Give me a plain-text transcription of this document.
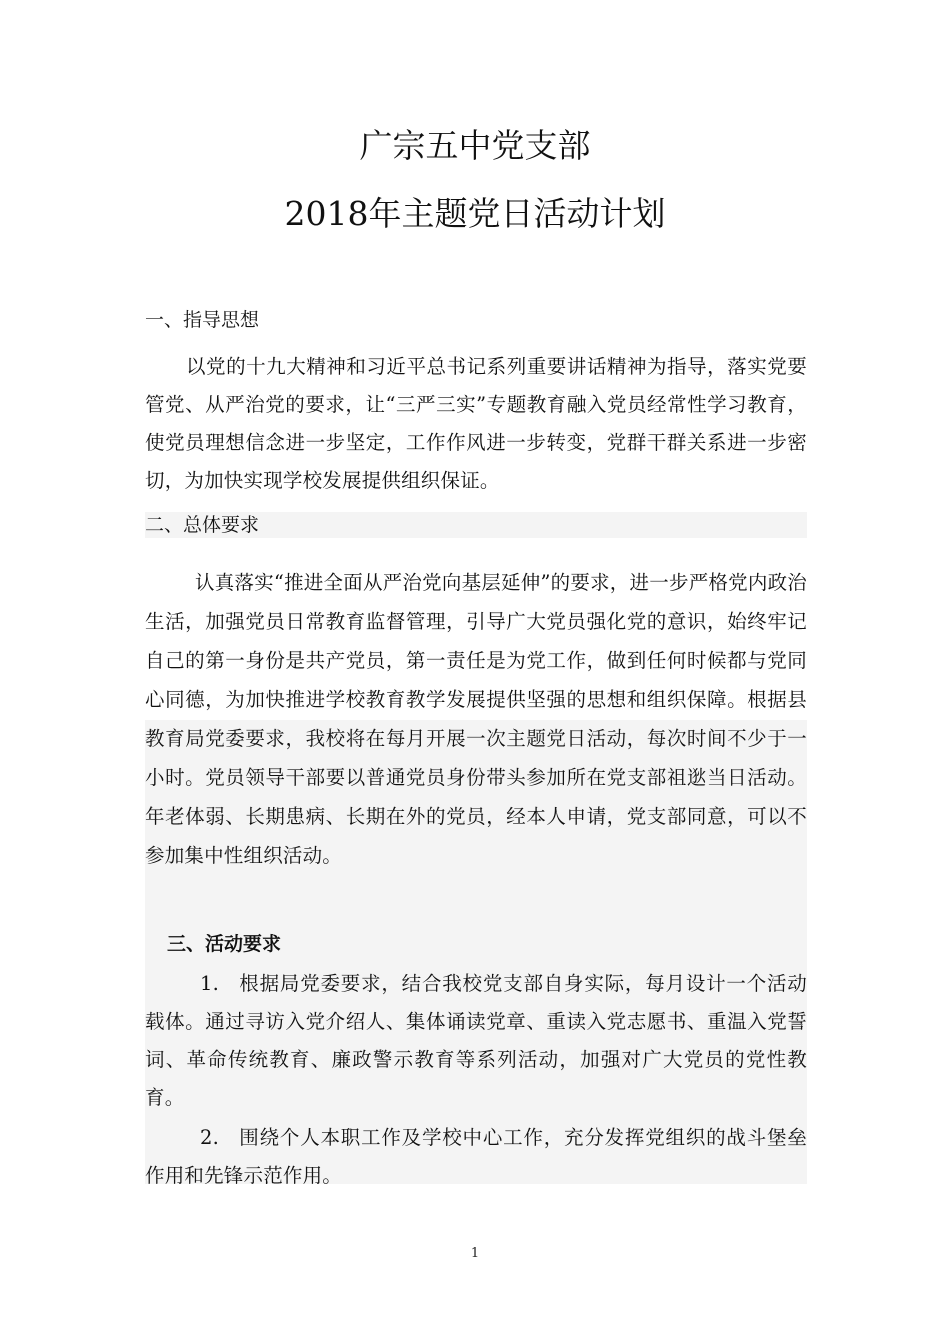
广宗五中党支部
2018年主题党日活动计划
一、指导思想
以党的十九大精神和习近平总书记系列重要讲话精神为指导，落实党要管党、从严治党的要求，让“三严三实”专题教育融入党员经常性学习教育，使党员理想信念进一步坚定，工作作风进一步转变，党群干群关系进一步密切，为加快实现学校发展提供组织保证。
二、总体要求
认真落实“推进全面从严治党向基层延伸”的要求，进一步严格党内政治生活，加强党员日常教育监督管理，引导广大党员强化党的意识，始终牢记自己的第一身份是共产党员，第一责任是为党工作，做到任何时候都与党同心同德，为加快推进学校教育教学发展提供坚强的思想和组织保障。根据县教育局党委要求，我校将在每月开展一次主题党日活动，每次时间不少于一小时。党员领导干部要以普通党员身份带头参加所在党支部祖逖当日活动。年老体弱、长期患病、长期在外的党员，经本人申请，党支部同意，可以不参加集中性组织活动。
三、活动要求
1. 根据局党委要求，结合我校党支部自身实际，每月设计一个活动载体。通过寻访入党介绍人、集体诵读党章、重读入党志愿书、重温入党誓词、革命传统教育、廉政警示教育等系列活动，加强对广大党员的党性教育。
2. 围绕个人本职工作及学校中心工作，充分发挥党组织的战斗堡垒作用和先锋示范作用。
1
